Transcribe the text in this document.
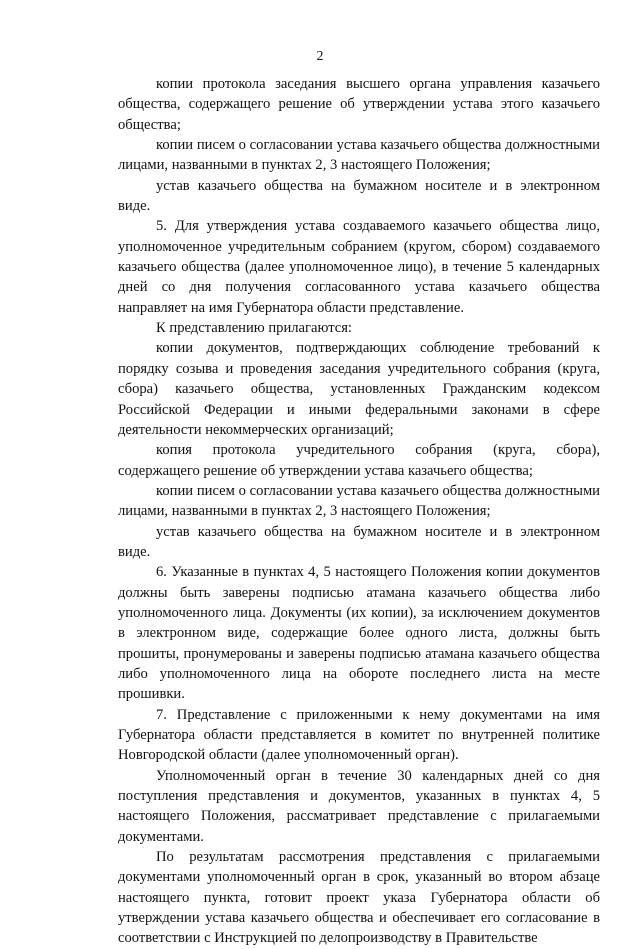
2

копии протокола заседания высшего органа управления казачьего общества, содержащего решение об утверждении устава этого казачьего общества;

копии писем о согласовании устава казачьего общества должностными лицами, названными в пунктах 2, 3 настоящего Положения;

устав казачьего общества на бумажном носителе и в электронном виде.

5. Для утверждения устава создаваемого казачьего общества лицо, уполномоченное учредительным собранием (кругом, сбором) создаваемого казачьего общества (далее уполномоченное лицо), в течение 5 календарных дней со дня получения согласованного устава казачьего общества направляет на имя Губернатора области представление.

К представлению прилагаются:

копии документов, подтверждающих соблюдение требований к порядку созыва и проведения заседания учредительного собрания (круга, сбора) казачьего общества, установленных Гражданским кодексом Российской Федерации и иными федеральными законами в сфере деятельности некоммерческих организаций;

копия протокола учредительного собрания (круга, сбора), содержащего решение об утверждении устава казачьего общества;

копии писем о согласовании устава казачьего общества должностными лицами, названными в пунктах 2, 3 настоящего Положения;

устав казачьего общества на бумажном носителе и в электронном виде.

6. Указанные в пунктах 4, 5 настоящего Положения копии документов должны быть заверены подписью атамана казачьего общества либо уполномоченного лица. Документы (их копии), за исключением документов в электронном виде, содержащие более одного листа, должны быть прошиты, пронумерованы и заверены подписью атамана казачьего общества либо уполномоченного лица на обороте последнего листа на месте прошивки.

7. Представление с приложенными к нему документами на имя Губернатора области представляется в комитет по внутренней политике Новгородской области (далее уполномоченный орган).

Уполномоченный орган в течение 30 календарных дней со дня поступления представления и документов, указанных в пунктах 4, 5 настоящего Положения, рассматривает представление с прилагаемыми документами.

По результатам рассмотрения представления с прилагаемыми документами уполномоченный орган в срок, указанный во втором абзаце настоящего пункта, готовит проект указа Губернатора области об утверждении устава казачьего общества и обеспечивает его согласование в соответствии с Инструкцией по делопроизводству в Правительстве
